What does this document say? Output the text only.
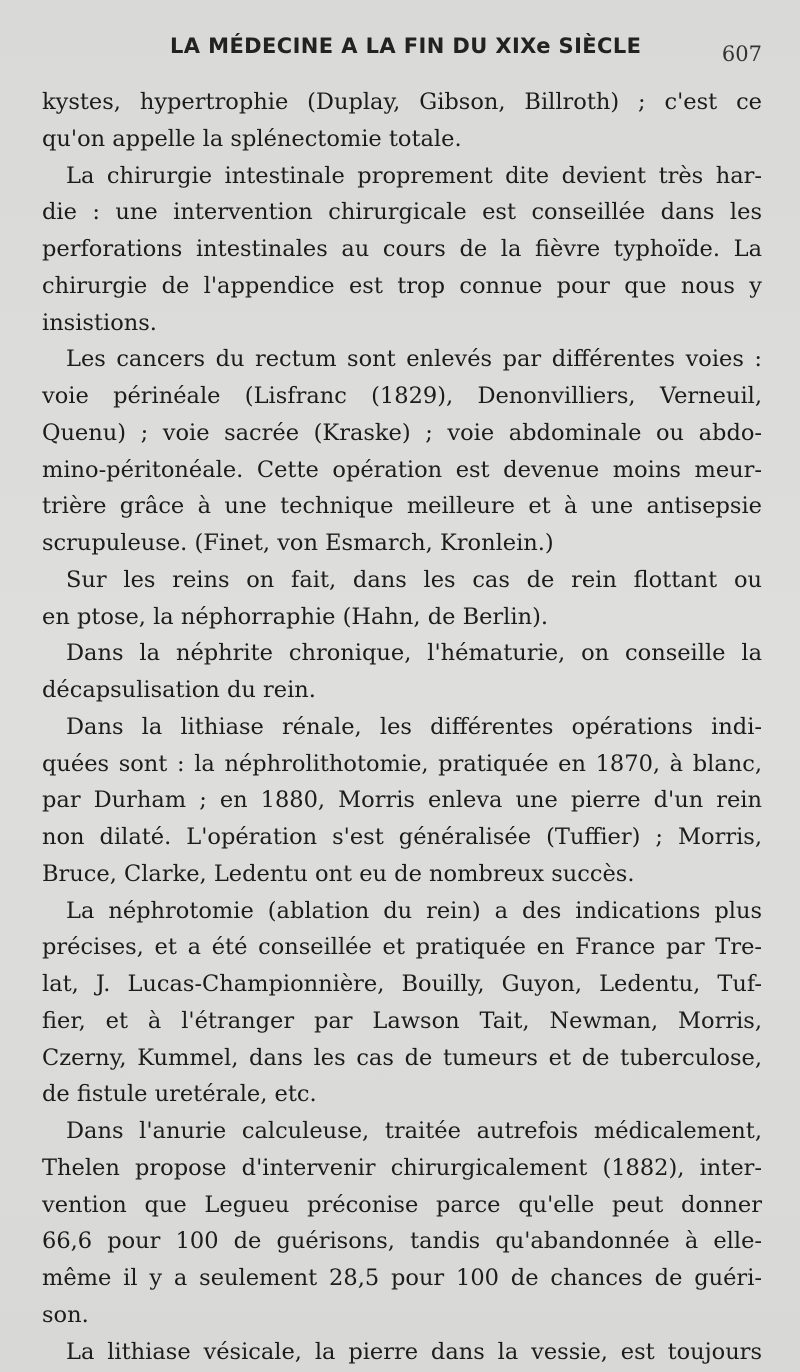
LA MÉDECINE A LA FIN DU XIXe SIÈCLE	607
kystes, hypertrophie (Duplay, Gibson, Billroth) ; c'est ce
qu'on appelle la splénectomie totale.
La chirurgie intestinale proprement dite devient très har-
die : une intervention chirurgicale est conseillée dans les
perforations intestinales au cours de la fièvre typhoïde. La
chirurgie de l'appendice est trop connue pour que nous y
insistions.
Les cancers du rectum sont enlevés par différentes voies :
voie périnéale (Lisfranc (1829), Denonvilliers, Verneuil,
Quenu) ; voie sacrée (Kraske) ; voie abdominale ou abdo-
mino-péritonéale. Cette opération est devenue moins meur-
trière grâce à une technique meilleure et à une antisepsie
scrupuleuse. (Finet, von Esmarch, Kronlein.)
Sur les reins on fait, dans les cas de rein flottant ou
en ptose, la néphorraphie (Hahn, de Berlin).
Dans la néphrite chronique, l'hématurie, on conseille la
décapsulisation du rein.
Dans la lithiase rénale, les différentes opérations indi-
quées sont : la néphrolithotomie, pratiquée en 1870, à blanc,
par Durham ; en 1880, Morris enleva une pierre d'un rein
non dilaté. L'opération s'est généralisée (Tuffier) ; Morris,
Bruce, Clarke, Ledentu ont eu de nombreux succès.
La néphrotomie (ablation du rein) a des indications plus
précises, et a été conseillée et pratiquée en France par Tre-
lat, J. Lucas-Championnière, Bouilly, Guyon, Ledentu, Tuf-
fier, et à l'étranger par Lawson Tait, Newman, Morris,
Czerny, Kummel, dans les cas de tumeurs et de tuberculose,
de fistule uretérale, etc.
Dans l'anurie calculeuse, traitée autrefois médicalement,
Thelen propose d'intervenir chirurgicalement (1882), inter-
vention que Legueu préconise parce qu'elle peut donner
66,6 pour 100 de guérisons, tandis qu'abandonnée à elle-
même il y a seulement 28,5 pour 100 de chances de guéri-
son.
La lithiase vésicale, la pierre dans la vessie, est toujours
